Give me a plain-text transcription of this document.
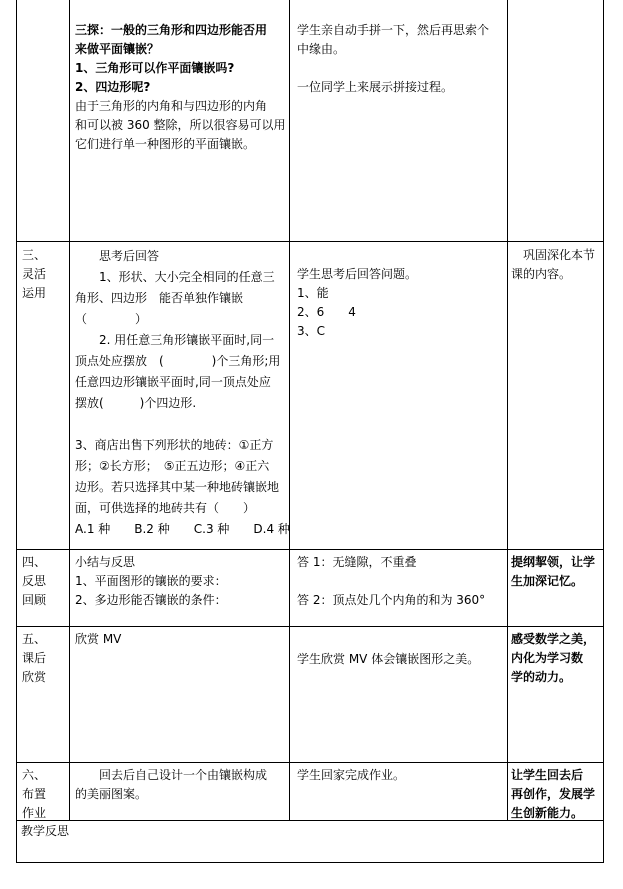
三探：一般的三角形和四边形能否用
来做平面镶嵌？
1、三角形可以作平面镶嵌吗?
2、四边形呢?
由于三角形的内角和与四边形的内角
和可以被 360 整除，所以很容易可以用
它们进行单一种图形的平面镶嵌。
学生亲自动手拼一下，然后再思索个
中缘由。
一位同学上来展示拼接过程。
三、
灵活
运用
　　思考后回答
　　1、形状、大小完全相同的任意三
角形、四边形　能否单独作镶嵌
（　　　　）
　　2. 用任意三角形镶嵌平面时,同一
顶点处应摆放　(　　　　)个三角形;用
任意四边形镶嵌平面时,同一顶点处应
摆放(　　　)个四边形.
3、商店出售下列形状的地砖：①正方
形；②长方形；　⑤正五边形；④正六
边形。若只选择其中某一种地砖镶嵌地
面，可供选择的地砖共有（　　）
A.1 种　　B.2 种　　C.3 种　　D.4 种
学生思考后回答问题。
1、能
2、6　　4
3、C
　巩固深化本节
课的内容。
四、
反思
回顾
小结与反思
1、平面图形的镶嵌的要求：
2、多边形能否镶嵌的条件：
答 1：无缝隙，不重叠
答 2：顶点处几个内角的和为 360°
提纲挈领，让学
生加深记忆。
五、
课后
欣赏
欣赏 MV
学生欣赏 MV 体会镶嵌图形之美。
感受数学之美，
内化为学习数
学的动力。
六、
布置
作业
　　回去后自己设计一个由镶嵌构成
的美丽图案。
学生回家完成作业。	让学生回去后
再创作，发展学
生创新能力。
教学反思
